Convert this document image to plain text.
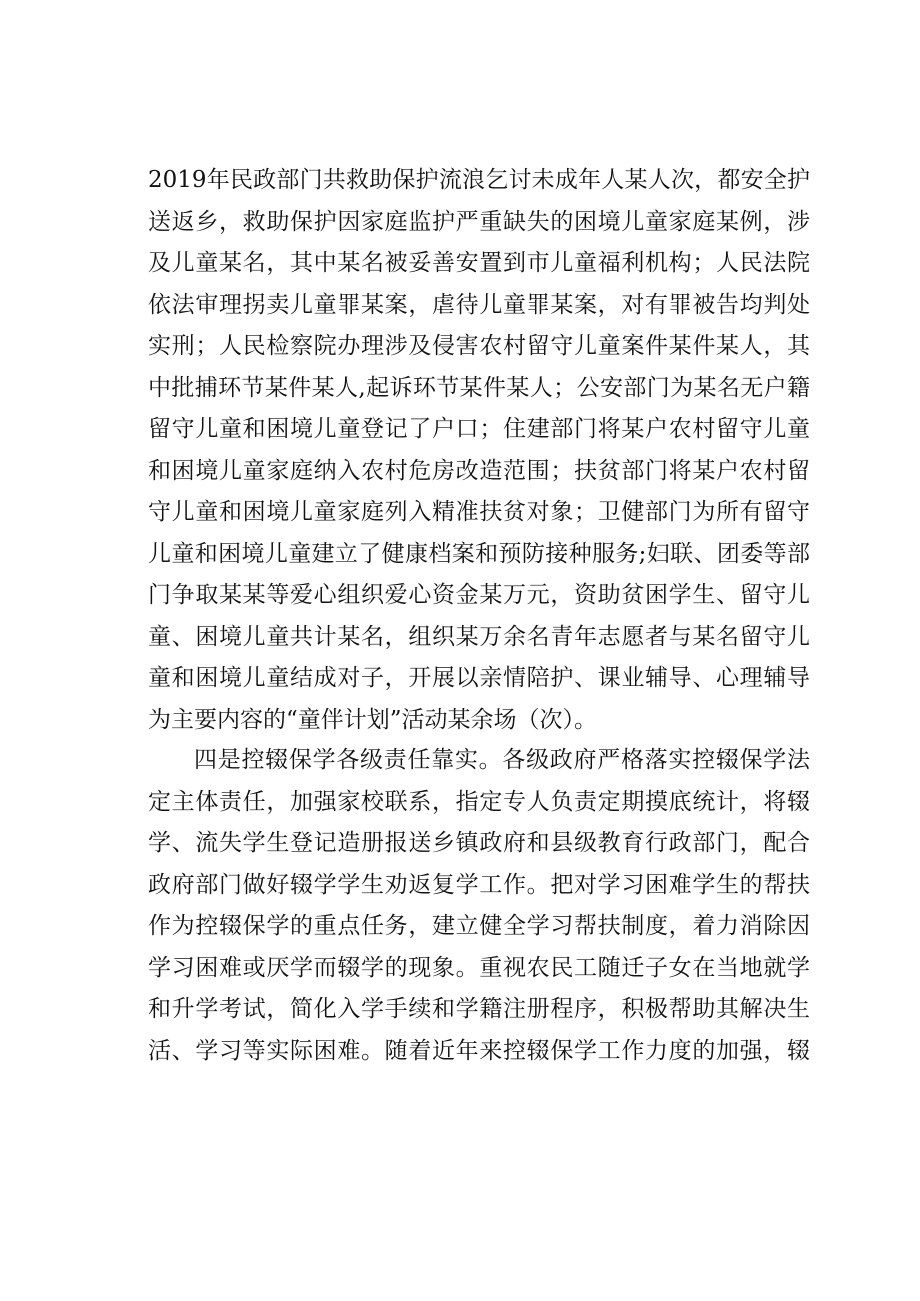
2019年民政部门共救助保护流浪乞讨未成年人某人次，都安全护
送返乡，救助保护因家庭监护严重缺失的困境儿童家庭某例，涉
及儿童某名，其中某名被妥善安置到市儿童福利机构；人民法院
依法审理拐卖儿童罪某案，虐待儿童罪某案，对有罪被告均判处
实刑；人民检察院办理涉及侵害农村留守儿童案件某件某人，其
中批捕环节某件某人,起诉环节某件某人；公安部门为某名无户籍
留守儿童和困境儿童登记了户口；住建部门将某户农村留守儿童
和困境儿童家庭纳入农村危房改造范围；扶贫部门将某户农村留
守儿童和困境儿童家庭列入精准扶贫对象；卫健部门为所有留守
儿童和困境儿童建立了健康档案和预防接种服务;妇联、团委等部
门争取某某等爱心组织爱心资金某万元，资助贫困学生、留守儿
童、困境儿童共计某名，组织某万余名青年志愿者与某名留守儿
童和困境儿童结成对子，开展以亲情陪护、课业辅导、心理辅导
为主要内容的“童伴计划”活动某余场（次）。
四是控辍保学各级责任靠实。各级政府严格落实控辍保学法
定主体责任，加强家校联系，指定专人负责定期摸底统计，将辍
学、流失学生登记造册报送乡镇政府和县级教育行政部门，配合
政府部门做好辍学学生劝返复学工作。把对学习困难学生的帮扶
作为控辍保学的重点任务，建立健全学习帮扶制度，着力消除因
学习困难或厌学而辍学的现象。重视农民工随迁子女在当地就学
和升学考试，简化入学手续和学籍注册程序，积极帮助其解决生
活、学习等实际困难。随着近年来控辍保学工作力度的加强，辍
